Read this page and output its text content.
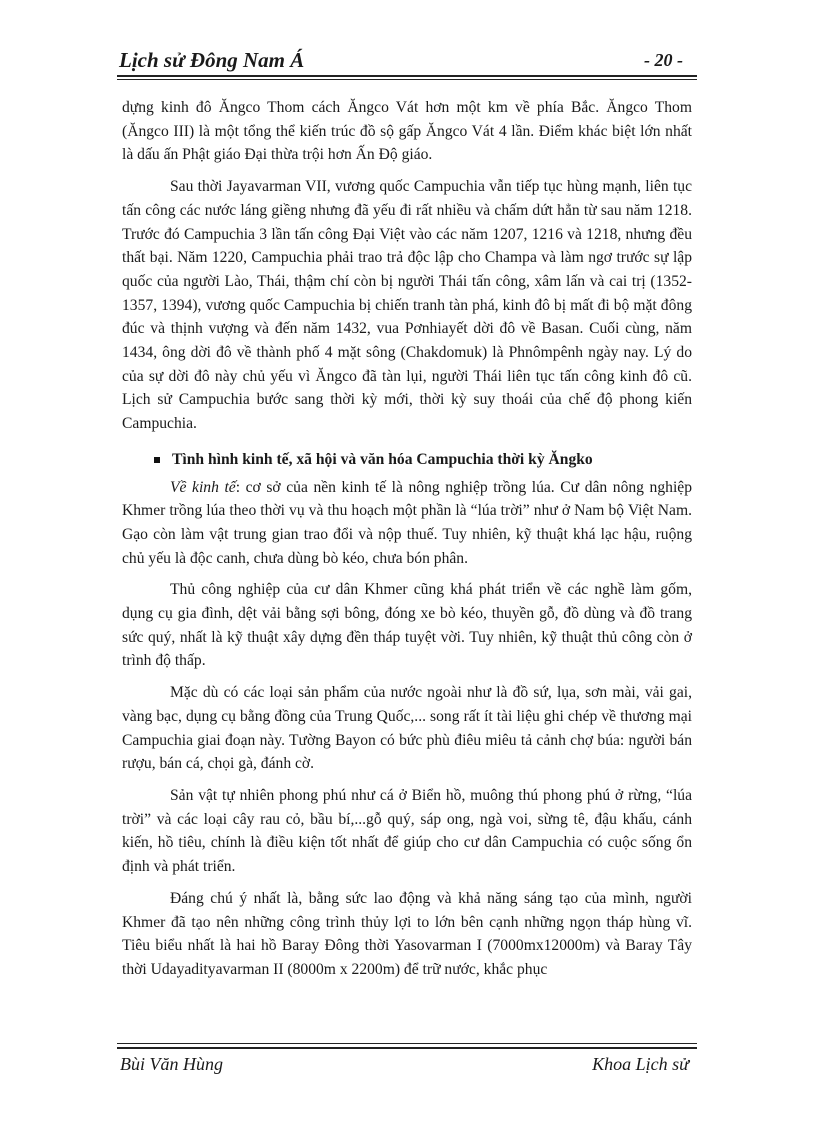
Lịch sử Đông Nam Á	- 20 -

dựng kinh đô Ăngco Thom cách Ăngco Vát hơn một km về phía Bắc. Ăngco Thom (Ăngco III) là một tổng thể kiến trúc đồ sộ gấp Ăngco Vát 4 lần. Điểm khác biệt lớn nhất là dấu ấn Phật giáo Đại thừa trội hơn Ấn Độ giáo.

Sau thời Jayavarman VII, vương quốc Campuchia vẫn tiếp tục hùng mạnh, liên tục tấn công các nước láng giềng nhưng đã yếu đi rất nhiều và chấm dứt hẳn từ sau năm 1218. Trước đó Campuchia 3 lần tấn công Đại Việt vào các năm 1207, 1216 và 1218, nhưng đều thất bại. Năm 1220, Campuchia phải trao trả độc lập cho Champa và làm ngơ trước sự lập quốc của người Lào, Thái, thậm chí còn bị người Thái tấn công, xâm lấn và cai trị (1352-1357, 1394), vương quốc Campuchia bị chiến tranh tàn phá, kinh đô bị mất đi bộ mặt đông đúc và thịnh vượng và đến năm 1432, vua Pơnhiayết dời đô về Basan. Cuối cùng, năm 1434, ông dời đô về thành phố 4 mặt sông (Chakdomuk) là Phnômpênh ngày nay. Lý do của sự dời đô này chủ yếu vì Ăngco đã tàn lụi, người Thái liên tục tấn công kinh đô cũ. Lịch sử Campuchia bước sang thời kỳ mới, thời kỳ suy thoái của chế độ phong kiến Campuchia.

Tình hình kinh tế, xã hội và văn hóa Campuchia thời kỳ Ăngko

Về kinh tế: cơ sở của nền kinh tế là nông nghiệp trồng lúa. Cư dân nông nghiệp Khmer trồng lúa theo thời vụ và thu hoạch một phần là “lúa trời” như ở Nam bộ Việt Nam. Gạo còn làm vật trung gian trao đổi và nộp thuế. Tuy nhiên, kỹ thuật khá lạc hậu, ruộng chủ yếu là độc canh, chưa dùng bò kéo, chưa bón phân.

Thủ công nghiệp của cư dân Khmer cũng khá phát triển về các nghề làm gốm, dụng cụ gia đình, dệt vải bằng sợi bông, đóng xe bò kéo, thuyền gỗ, đồ dùng và đồ trang sức quý, nhất là kỹ thuật xây dựng đền tháp tuyệt vời. Tuy nhiên, kỹ thuật thủ công còn ở trình độ thấp.

Mặc dù có các loại sản phẩm của nước ngoài như là đồ sứ, lụa, sơn mài, vải gai, vàng bạc, dụng cụ bằng đồng của Trung Quốc,... song rất ít tài liệu ghi chép về thương mại Campuchia giai đoạn này. Tường Bayon có bức phù điêu miêu tả cảnh chợ búa: người bán rượu, bán cá, chọi gà, đánh cờ.

Sản vật tự nhiên phong phú như cá ở Biển hồ, muông thú phong phú ở rừng, “lúa trời” và các loại cây rau cỏ, bầu bí,...gỗ quý, sáp ong, ngà voi, sừng tê, đậu khấu, cánh kiến, hồ tiêu, chính là điều kiện tốt nhất để giúp cho cư dân Campuchia có cuộc sống ổn định và phát triển.

Đáng chú ý nhất là, bằng sức lao động và khả năng sáng tạo của mình, người Khmer đã tạo nên những công trình thủy lợi to lớn bên cạnh những ngọn tháp hùng vĩ. Tiêu biểu nhất là hai hồ Baray Đông thời Yasovarman I (7000mx12000m) và Baray Tây thời Udayadityavarman II (8000m x 2200m) để trữ nước, khắc phục

Bùi Văn Hùng	Khoa Lịch sử
